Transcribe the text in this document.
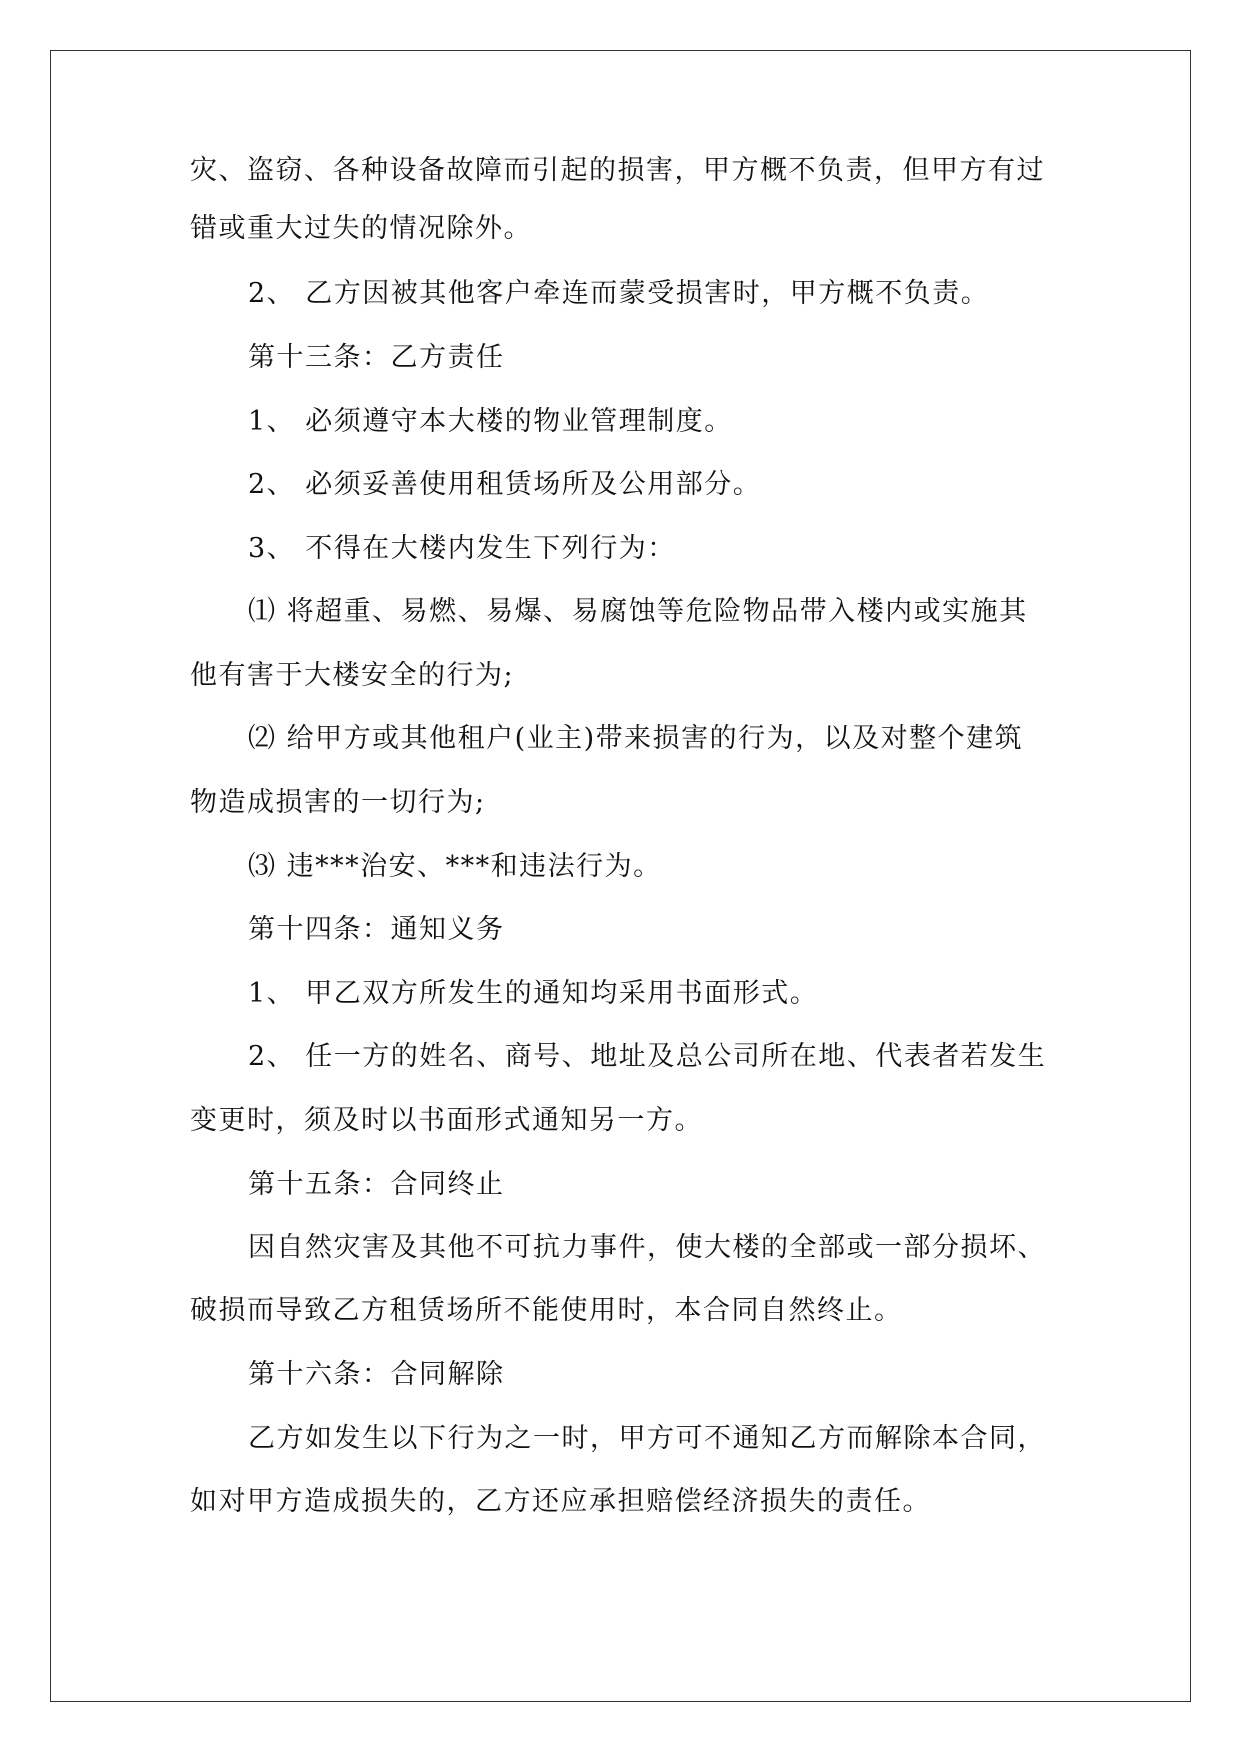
灾、盗窃、各种设备故障而引起的损害，甲方概不负责，但甲方有过
错或重大过失的情况除外。
2、 乙方因被其他客户牵连而蒙受损害时，甲方概不负责。
第十三条：乙方责任
1、 必须遵守本大楼的物业管理制度。
2、 必须妥善使用租赁场所及公用部分。
3、 不得在大楼内发生下列行为：
⑴ 将超重、易燃、易爆、易腐蚀等危险物品带入楼内或实施其
他有害于大楼安全的行为;
⑵ 给甲方或其他租户(业主)带来损害的行为，以及对整个建筑
物造成损害的一切行为;
⑶ 违***治安、***和违法行为。
第十四条：通知义务
1、 甲乙双方所发生的通知均采用书面形式。
2、 任一方的姓名、商号、地址及总公司所在地、代表者若发生
变更时，须及时以书面形式通知另一方。
第十五条：合同终止
因自然灾害及其他不可抗力事件，使大楼的全部或一部分损坏、
破损而导致乙方租赁场所不能使用时，本合同自然终止。
第十六条：合同解除
乙方如发生以下行为之一时，甲方可不通知乙方而解除本合同，
如对甲方造成损失的，乙方还应承担赔偿经济损失的责任。
